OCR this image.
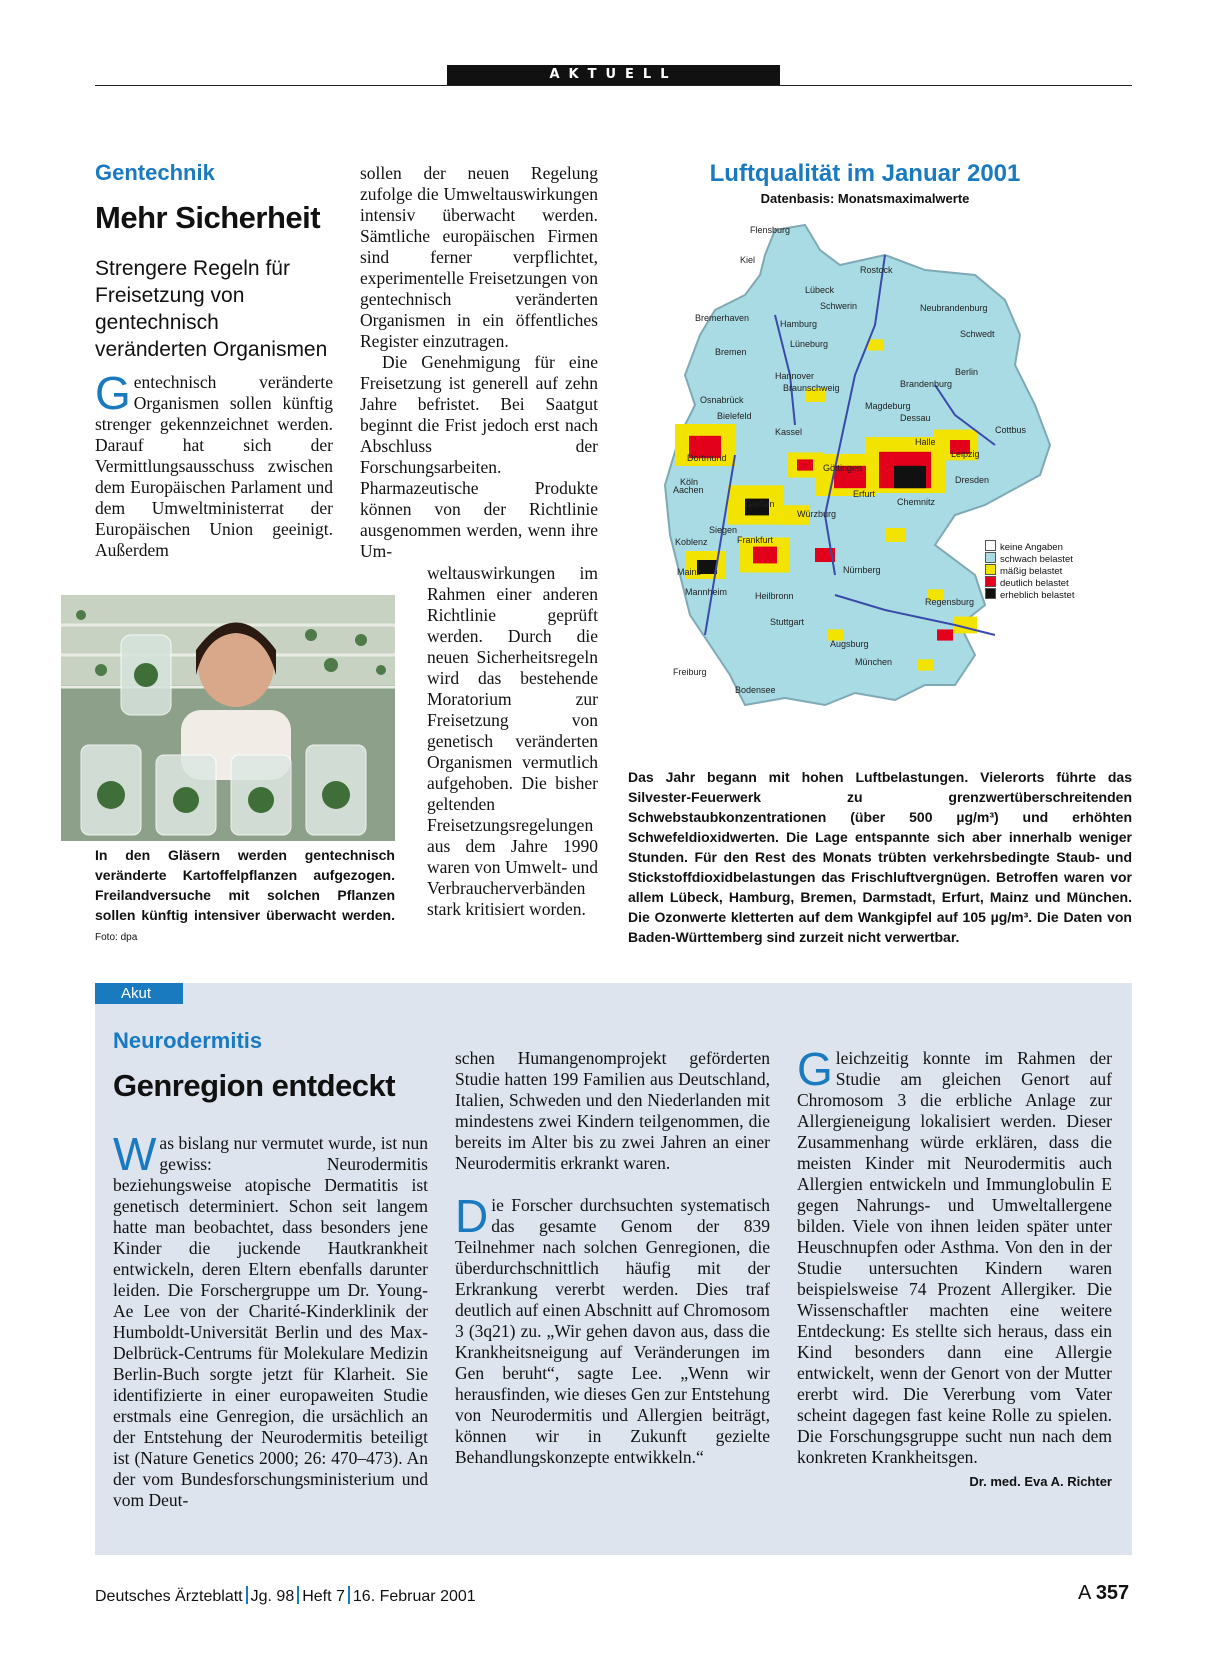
AKTUELL
Gentechnik
Mehr Sicherheit
Strengere Regeln für Freisetzung von gentechnisch veränderten Organismen
G entechnisch veränderte Organismen sollen künftig strenger gekennzeichnet werden. Darauf hat sich der Vermittlungsausschuss zwischen dem Europäischen Parlament und dem Umweltministerrat der Europäischen Union geeinigt. Außerdem

sollen der neuen Regelung zufolge die Umweltauswirkungen intensiv überwacht werden. Sämtliche europäischen Firmen sind ferner verpflichtet, experimentelle Freisetzungen von gentechnisch veränderten Organismen in ein öffentliches Register einzutragen.

Die Genehmigung für eine Freisetzung ist generell auf zehn Jahre befristet. Bei Saatgut beginnt die Frist jedoch erst nach Abschluss der Forschungsarbeiten. Pharmazeutische Produkte können von der Richtlinie ausgenommen werden, wenn ihre Um-

weltauswirkungen im Rahmen einer anderen Richtlinie geprüft werden. Durch die neuen Sicherheitsregeln wird das bestehende Moratorium zur Freisetzung von genetisch veränderten Organismen vermutlich aufgehoben. Die bisher geltenden Freisetzungsregelungen aus dem Jahre 1990 waren von Umwelt- und Verbraucherverbänden stark kritisiert worden.

In den Gläsern werden gentechnisch veränderte Kartoffelpflanzen aufgezogen. Freilandversuche mit solchen Pflanzen sollen künftig intensiver überwacht werden. Foto: dpa
Luftqualität im Januar 2001
Datenbasis: Monatsmaximalwerte
Flensburg
Kiel
Rostock
Lübeck
Schwerin	Neubrandenburg
Schwedt
Bremerhaven
Hamburg
Lüneburg
Berlin
Bremen
Hannover
Braunschweig	Brandenburg
Magdeburg
Osnabrück
Bielefeld
Dortmund
Göttingen
Halle
Leipzig
Cottbus
Dessau
Aachen
Köln
Kassel
Gießen
Erfurt
Dresden
Siegen
Chemnitz
Koblenz	Frankfurt
Würzburg
Mainz
Mannheim
Nürnberg
Heilbronn
Stuttgart
Regensburg
Augsburg
München
Freiburg
Bodensee
keine Angaben
schwach belastet
mäßig belastet
deutlich belastet
erheblich belastet
Das Jahr begann mit hohen Luftbelastungen. Vielerorts führte das Silvester-Feuerwerk zu grenzwertüberschreitenden Schwebstaubkonzentrationen (über 500 µg/m³) und erhöhten Schwefeldioxidwerten. Die Lage entspannte sich aber innerhalb weniger Stunden. Für den Rest des Monats trübten verkehrsbedingte Staub- und Stickstoffdioxidbelastungen das Frischluftvergnügen. Betroffen waren vor allem Lübeck, Hamburg, Bremen, Darmstadt, Erfurt, Mainz und München. Die Ozonwerte kletterten auf dem Wankgipfel auf 105 µg/m³. Die Daten von Baden-Württemberg sind zurzeit nicht verwertbar.
Akut
Neurodermitis
Genregion entdeckt
W as bislang nur vermutet wurde, ist nun gewiss: Neurodermitis beziehungsweise atopische Dermatitis ist genetisch determiniert. Schon seit langem hatte man beobachtet, dass besonders jene Kinder die juckende Hautkrankheit entwickeln, deren Eltern ebenfalls darunter leiden. Die Forschergruppe um Dr. Young-Ae Lee von der Charité-Kinderklinik der Humboldt-Universität Berlin und des Max-Delbrück-Centrums für Molekulare Medizin Berlin-Buch sorgte jetzt für Klarheit. Sie identifizierte in einer europaweiten Studie erstmals eine Genregion, die ursächlich an der Entstehung der Neurodermitis beteiligt ist (Nature Genetics 2000; 26: 470–473). An der vom Bundesforschungsministerium und vom Deut-

schen Humangenomprojekt geförderten Studie hatten 199 Familien aus Deutschland, Italien, Schweden und den Niederlanden mit mindestens zwei Kindern teilgenommen, die bereits im Alter bis zu zwei Jahren an einer Neurodermitis erkrankt waren.

D ie Forscher durchsuchten systematisch das gesamte Genom der 839 Teilnehmer nach solchen Genregionen, die überdurchschnittlich häufig mit der Erkrankung vererbt werden. Dies traf deutlich auf einen Abschnitt auf Chromosom 3 (3q21) zu. „Wir gehen davon aus, dass die Krankheitsneigung auf Veränderungen im Gen beruht“, sagte Lee. „Wenn wir herausfinden, wie dieses Gen zur Entstehung von Neurodermitis und Allergien beiträgt, können wir in Zukunft gezielte Behandlungskonzepte entwikkeln.“

G leichzeitig konnte im Rahmen der Studie am gleichen Genort auf Chromosom 3 die erbliche Anlage zur Allergieneigung lokalisiert werden. Dieser Zusammenhang würde erklären, dass die meisten Kinder mit Neurodermitis auch Allergien entwickeln und Immunglobulin E gegen Nahrungs- und Umweltallergene bilden. Viele von ihnen leiden später unter Heuschnupfen oder Asthma. Von den in der Studie untersuchten Kindern waren beispielsweise 74 Prozent Allergiker. Die Wissenschaftler machten eine weitere Entdeckung: Es stellte sich heraus, dass ein Kind besonders dann eine Allergie entwickelt, wenn der Genort von der Mutter ererbt wird. Die Vererbung vom Vater scheint dagegen fast keine Rolle zu spielen. Die Forschungsgruppe sucht nun nach dem konkreten Krankheitsgen.
Dr. med. Eva A. Richter

Deutsches Ärzteblatt Jg. 98 Heft 7 16. Februar 2001	A 357
